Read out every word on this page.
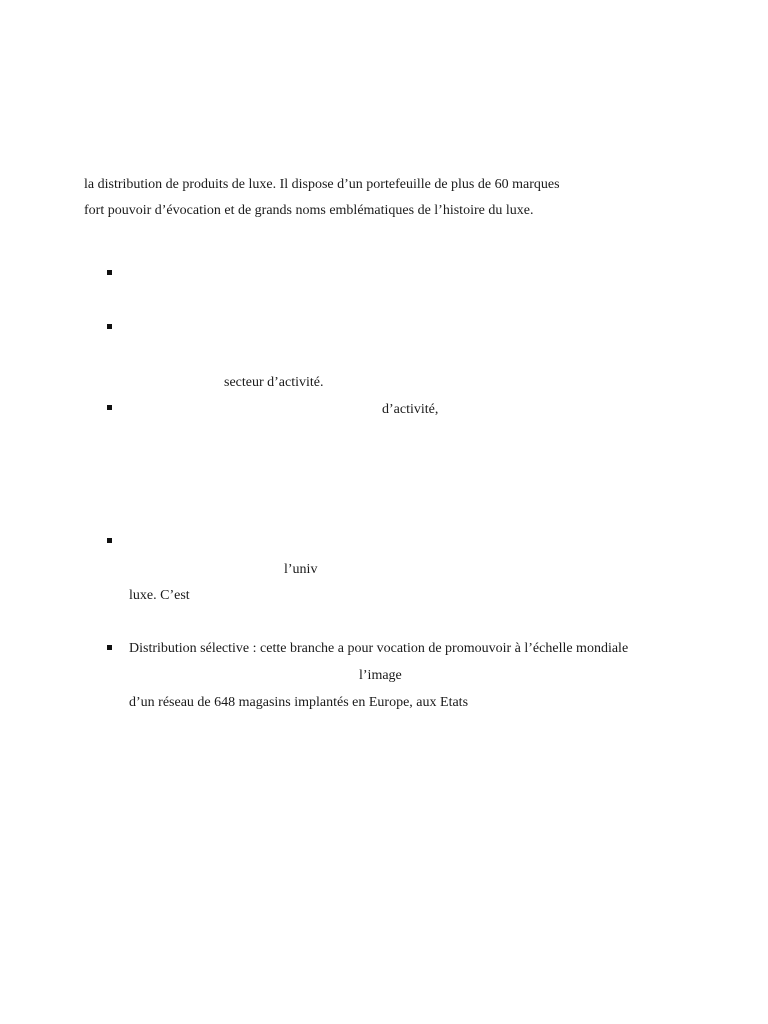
la distribution de produits de luxe. Il dispose d’un portefeuille de plus de 60 marques
fort pouvoir d’évocation et de grands noms emblématiques de l’histoire du luxe.
secteur d’activité.
d’activité,
l’univ
luxe. C’est
Distribution sélective : cette branche a pour vocation de promouvoir à l’échelle mondiale
l’image
d’un réseau de 648 magasins implantés en Europe, aux Etats
